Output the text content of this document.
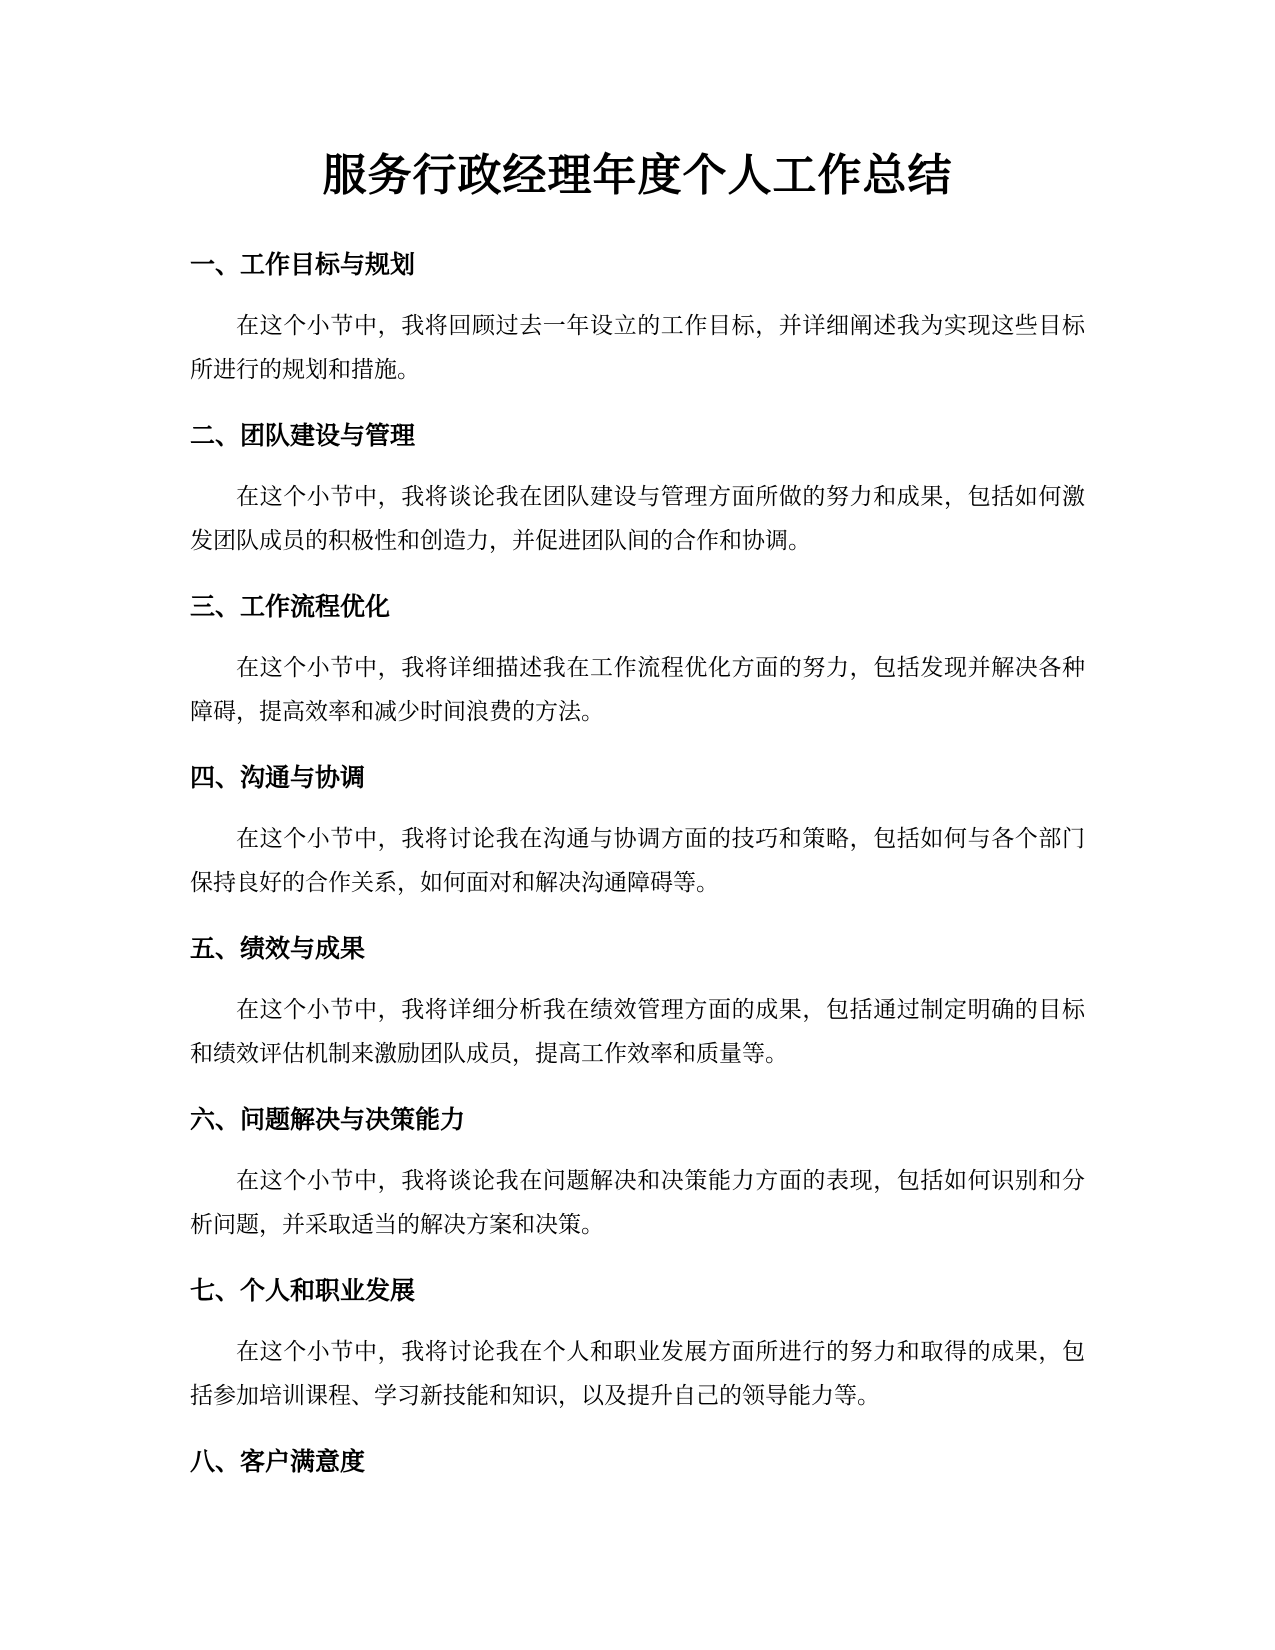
服务行政经理年度个人工作总结
一、工作目标与规划

在这个小节中，我将回顾过去一年设立的工作目标，并详细阐述我为实现这些目标所进行的规划和措施。

二、团队建设与管理

在这个小节中，我将谈论我在团队建设与管理方面所做的努力和成果，包括如何激发团队成员的积极性和创造力，并促进团队间的合作和协调。

三、工作流程优化

在这个小节中，我将详细描述我在工作流程优化方面的努力，包括发现并解决各种障碍，提高效率和减少时间浪费的方法。

四、沟通与协调

在这个小节中，我将讨论我在沟通与协调方面的技巧和策略，包括如何与各个部门保持良好的合作关系，如何面对和解决沟通障碍等。

五、绩效与成果

在这个小节中，我将详细分析我在绩效管理方面的成果，包括通过制定明确的目标和绩效评估机制来激励团队成员，提高工作效率和质量等。

六、问题解决与决策能力

在这个小节中，我将谈论我在问题解决和决策能力方面的表现，包括如何识别和分析问题，并采取适当的解决方案和决策。

七、个人和职业发展

在这个小节中，我将讨论我在个人和职业发展方面所进行的努力和取得的成果，包括参加培训课程、学习新技能和知识，以及提升自己的领导能力等。

八、客户满意度
